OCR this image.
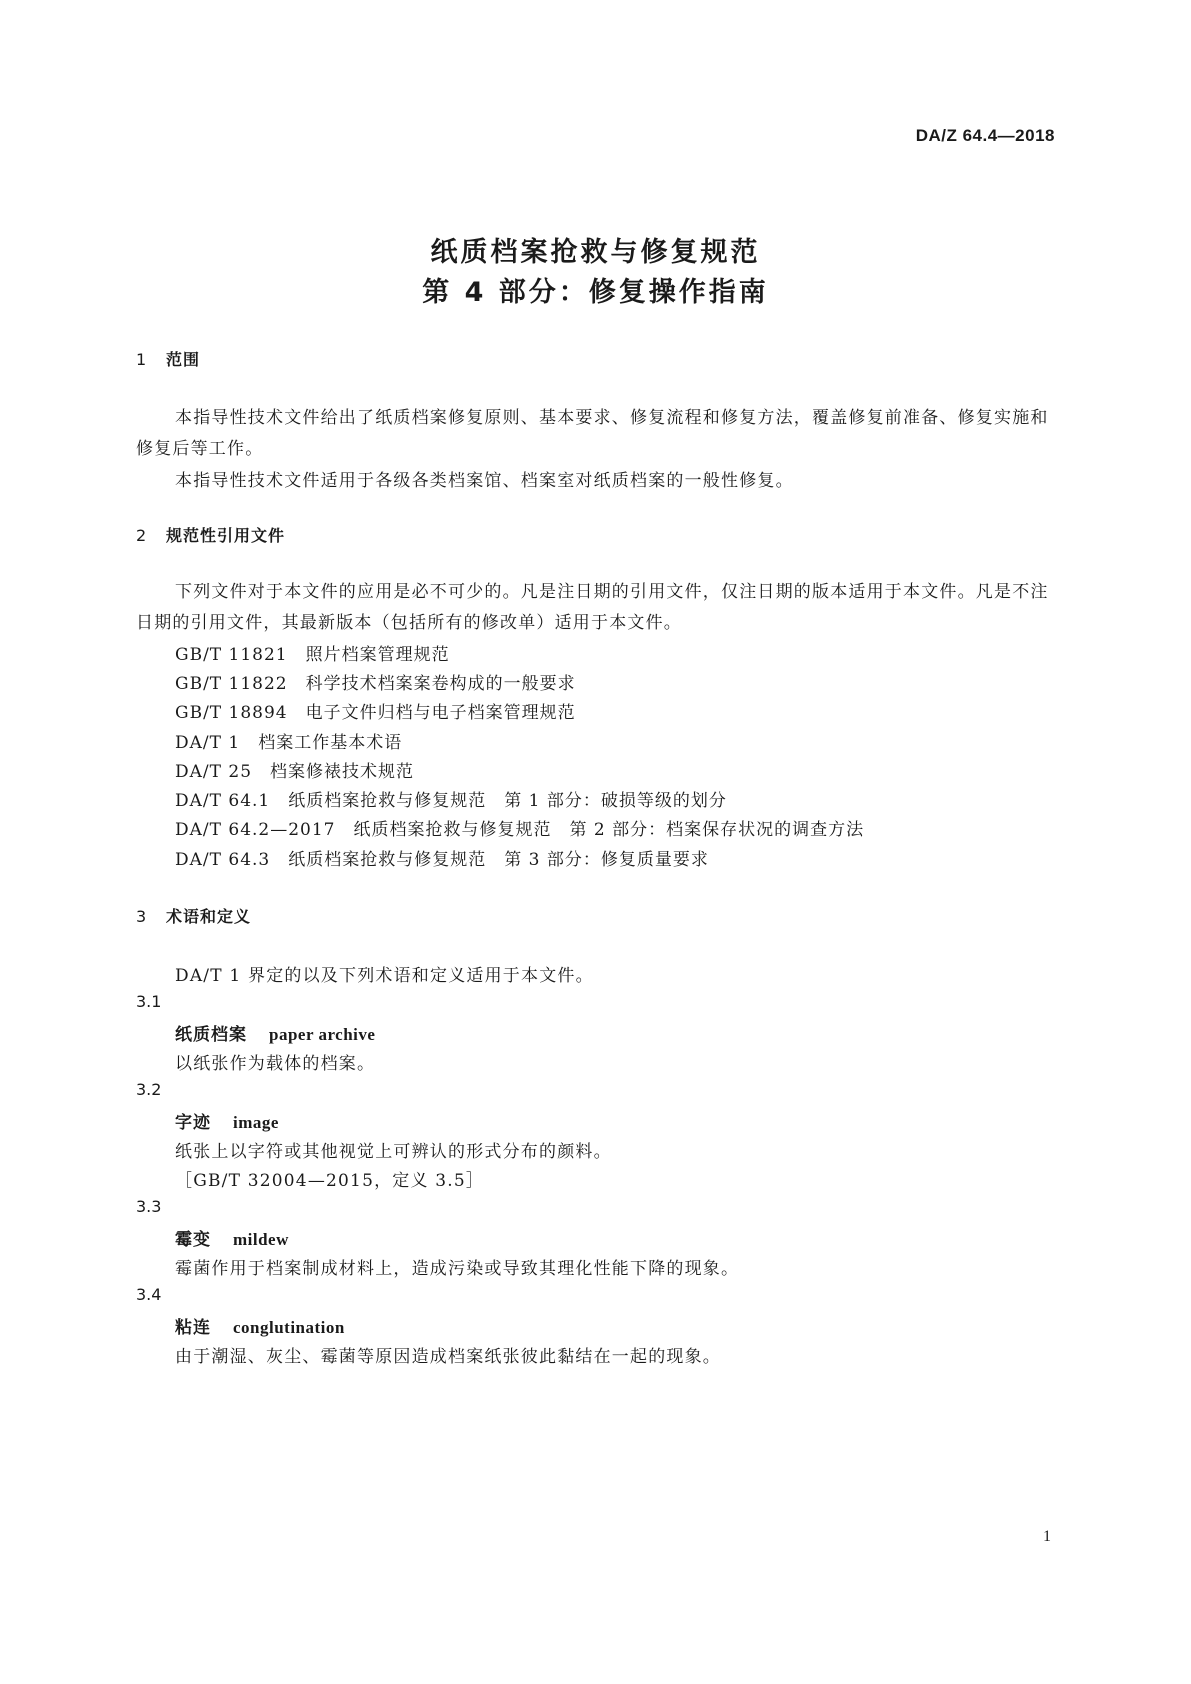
DA/Z 64.4—2018
纸质档案抢救与修复规范
第 4 部分：修复操作指南
1 范围
本指导性技术文件给出了纸质档案修复原则、基本要求、修复流程和修复方法，覆盖修复前准备、修复实施和修复后等工作。
本指导性技术文件适用于各级各类档案馆、档案室对纸质档案的一般性修复。
2 规范性引用文件
下列文件对于本文件的应用是必不可少的。凡是注日期的引用文件，仅注日期的版本适用于本文件。凡是不注日期的引用文件，其最新版本（包括所有的修改单）适用于本文件。
GB/T 11821 照片档案管理规范
GB/T 11822 科学技术档案案卷构成的一般要求
GB/T 18894 电子文件归档与电子档案管理规范
DA/T 1 档案工作基本术语
DA/T 25 档案修裱技术规范
DA/T 64.1 纸质档案抢救与修复规范 第 1 部分：破损等级的划分
DA/T 64.2—2017 纸质档案抢救与修复规范 第 2 部分：档案保存状况的调查方法
DA/T 64.3 纸质档案抢救与修复规范 第 3 部分：修复质量要求
3 术语和定义
DA/T 1 界定的以及下列术语和定义适用于本文件。
3.1
纸质档案 paper archive
以纸张作为载体的档案。
3.2
字迹 image
纸张上以字符或其他视觉上可辨认的形式分布的颜料。
［GB/T 32004—2015，定义 3.5］
3.3
霉变 mildew
霉菌作用于档案制成材料上，造成污染或导致其理化性能下降的现象。
3.4
粘连 conglutination
由于潮湿、灰尘、霉菌等原因造成档案纸张彼此黏结在一起的现象。
1
